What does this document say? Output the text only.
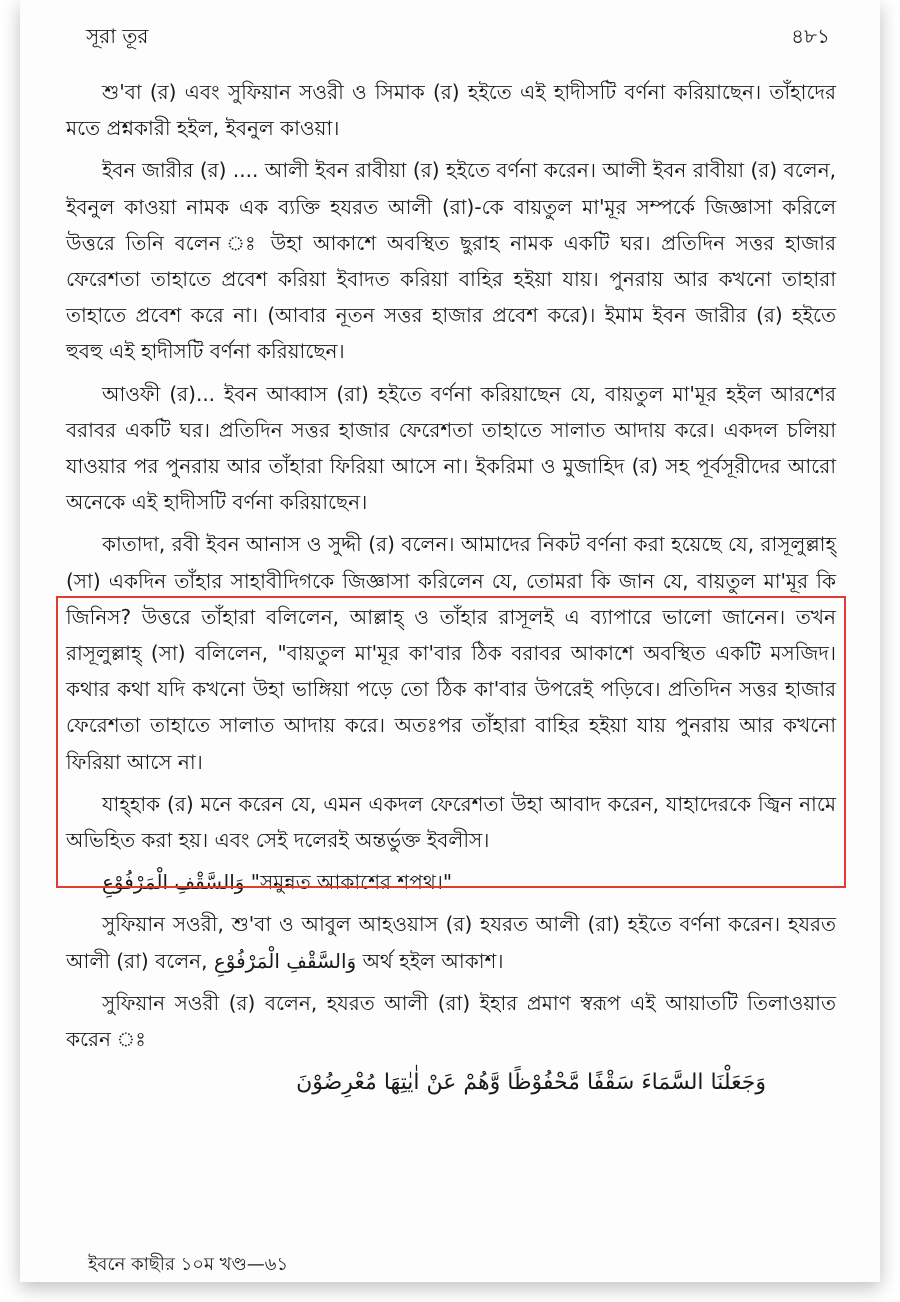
সূরা তূর	৪৮১

শু'বা (র) এবং সুফিয়ান সওরী ও সিমাক (র) হইতে এই হাদীসটি বর্ণনা করিয়াছেন। তাঁহাদের মতে প্রশ্নকারী হইল, ইবনুল কাওয়া।

ইবন জারীর (র) .... আলী ইবন রাবীয়া (র) হইতে বর্ণনা করেন। আলী ইবন রাবীয়া (র) বলেন, ইবনুল কাওয়া নামক এক ব্যক্তি হযরত আলী (রা)-কে বায়তুল মা'মূর সম্পর্কে জিজ্ঞাসা করিলে উত্তরে তিনি বলেন ঃ উহা আকাশে অবস্থিত ছুরাহ নামক একটি ঘর। প্রতিদিন সত্তর হাজার ফেরেশতা তাহাতে প্রবেশ করিয়া ইবাদত করিয়া বাহির হইয়া যায়। পুনরায় আর কখনো তাহারা তাহাতে প্রবেশ করে না। (আবার নূতন সত্তর হাজার প্রবেশ করে)। ইমাম ইবন জারীর (র) হইতে হুবহু এই হাদীসটি বর্ণনা করিয়াছেন।

আওফী (র)... ইবন আব্বাস (রা) হইতে বর্ণনা করিয়াছেন যে, বায়তুল মা'মূর হইল আরশের বরাবর একটি ঘর। প্রতিদিন সত্তর হাজার ফেরেশতা তাহাতে সালাত আদায় করে। একদল চলিয়া যাওয়ার পর পুনরায় আর তাঁহারা ফিরিয়া আসে না। ইকরিমা ও মুজাহিদ (র) সহ পূর্বসূরীদের আরো অনেকে এই হাদীসটি বর্ণনা করিয়াছেন।

কাতাদা, রবী ইবন আনাস ও সুদ্দী (র) বলেন। আমাদের নিকট বর্ণনা করা হয়েছে যে, রাসূলুল্লাহ্ (সা) একদিন তাঁহার সাহাবীদিগকে জিজ্ঞাসা করিলেন যে, তোমরা কি জান যে, বায়তুল মা'মূর কি জিনিস? উত্তরে তাঁহারা বলিলেন, আল্লাহ্ ও তাঁহার রাসূলই এ ব্যাপারে ভালো জানেন। তখন রাসূলুল্লাহ্ (সা) বলিলেন, "বায়তুল মা'মূর কা'বার ঠিক বরাবর আকাশে অবস্থিত একটি মসজিদ। কথার কথা যদি কখনো উহা ভাঙ্গিয়া পড়ে তো ঠিক কা'বার উপরেই পড়িবে। প্রতিদিন সত্তর হাজার ফেরেশতা তাহাতে সালাত আদায় করে। অতঃপর তাঁহারা বাহির হইয়া যায় পুনরায় আর কখনো ফিরিয়া আসে না।

যাহ্হাক (র) মনে করেন যে, এমন একদল ফেরেশতা উহা আবাদ করেন, যাহাদেরকে জ্বিন নামে অভিহিত করা হয়। এবং সেই দলেরই অন্তর্ভুক্ত ইবলীস।

وَالسَّقْفِ الْمَرْفُوْعِ "সমুন্নত আকাশের শপথ।"

সুফিয়ান সওরী, শু'বা ও আবুল আহওয়াস (র) হযরত আলী (রা) হইতে বর্ণনা করেন। হযরত আলী (রা) বলেন, وَالسَّقْفِ الْمَرْفُوْعِ অর্থ হইল আকাশ।

সুফিয়ান সওরী (র) বলেন, হযরত আলী (রা) ইহার প্রমাণ স্বরূপ এই আয়াতটি তিলাওয়াত করেন ঃ

وَجَعَلْنَا السَّمَاءَ سَقْفًا مَّحْفُوْظًا وَّهُمْ عَنْ اٰيٰتِهَا مُعْرِضُوْنَ
ইবনে কাছীর ১০ম খণ্ড—৬১
